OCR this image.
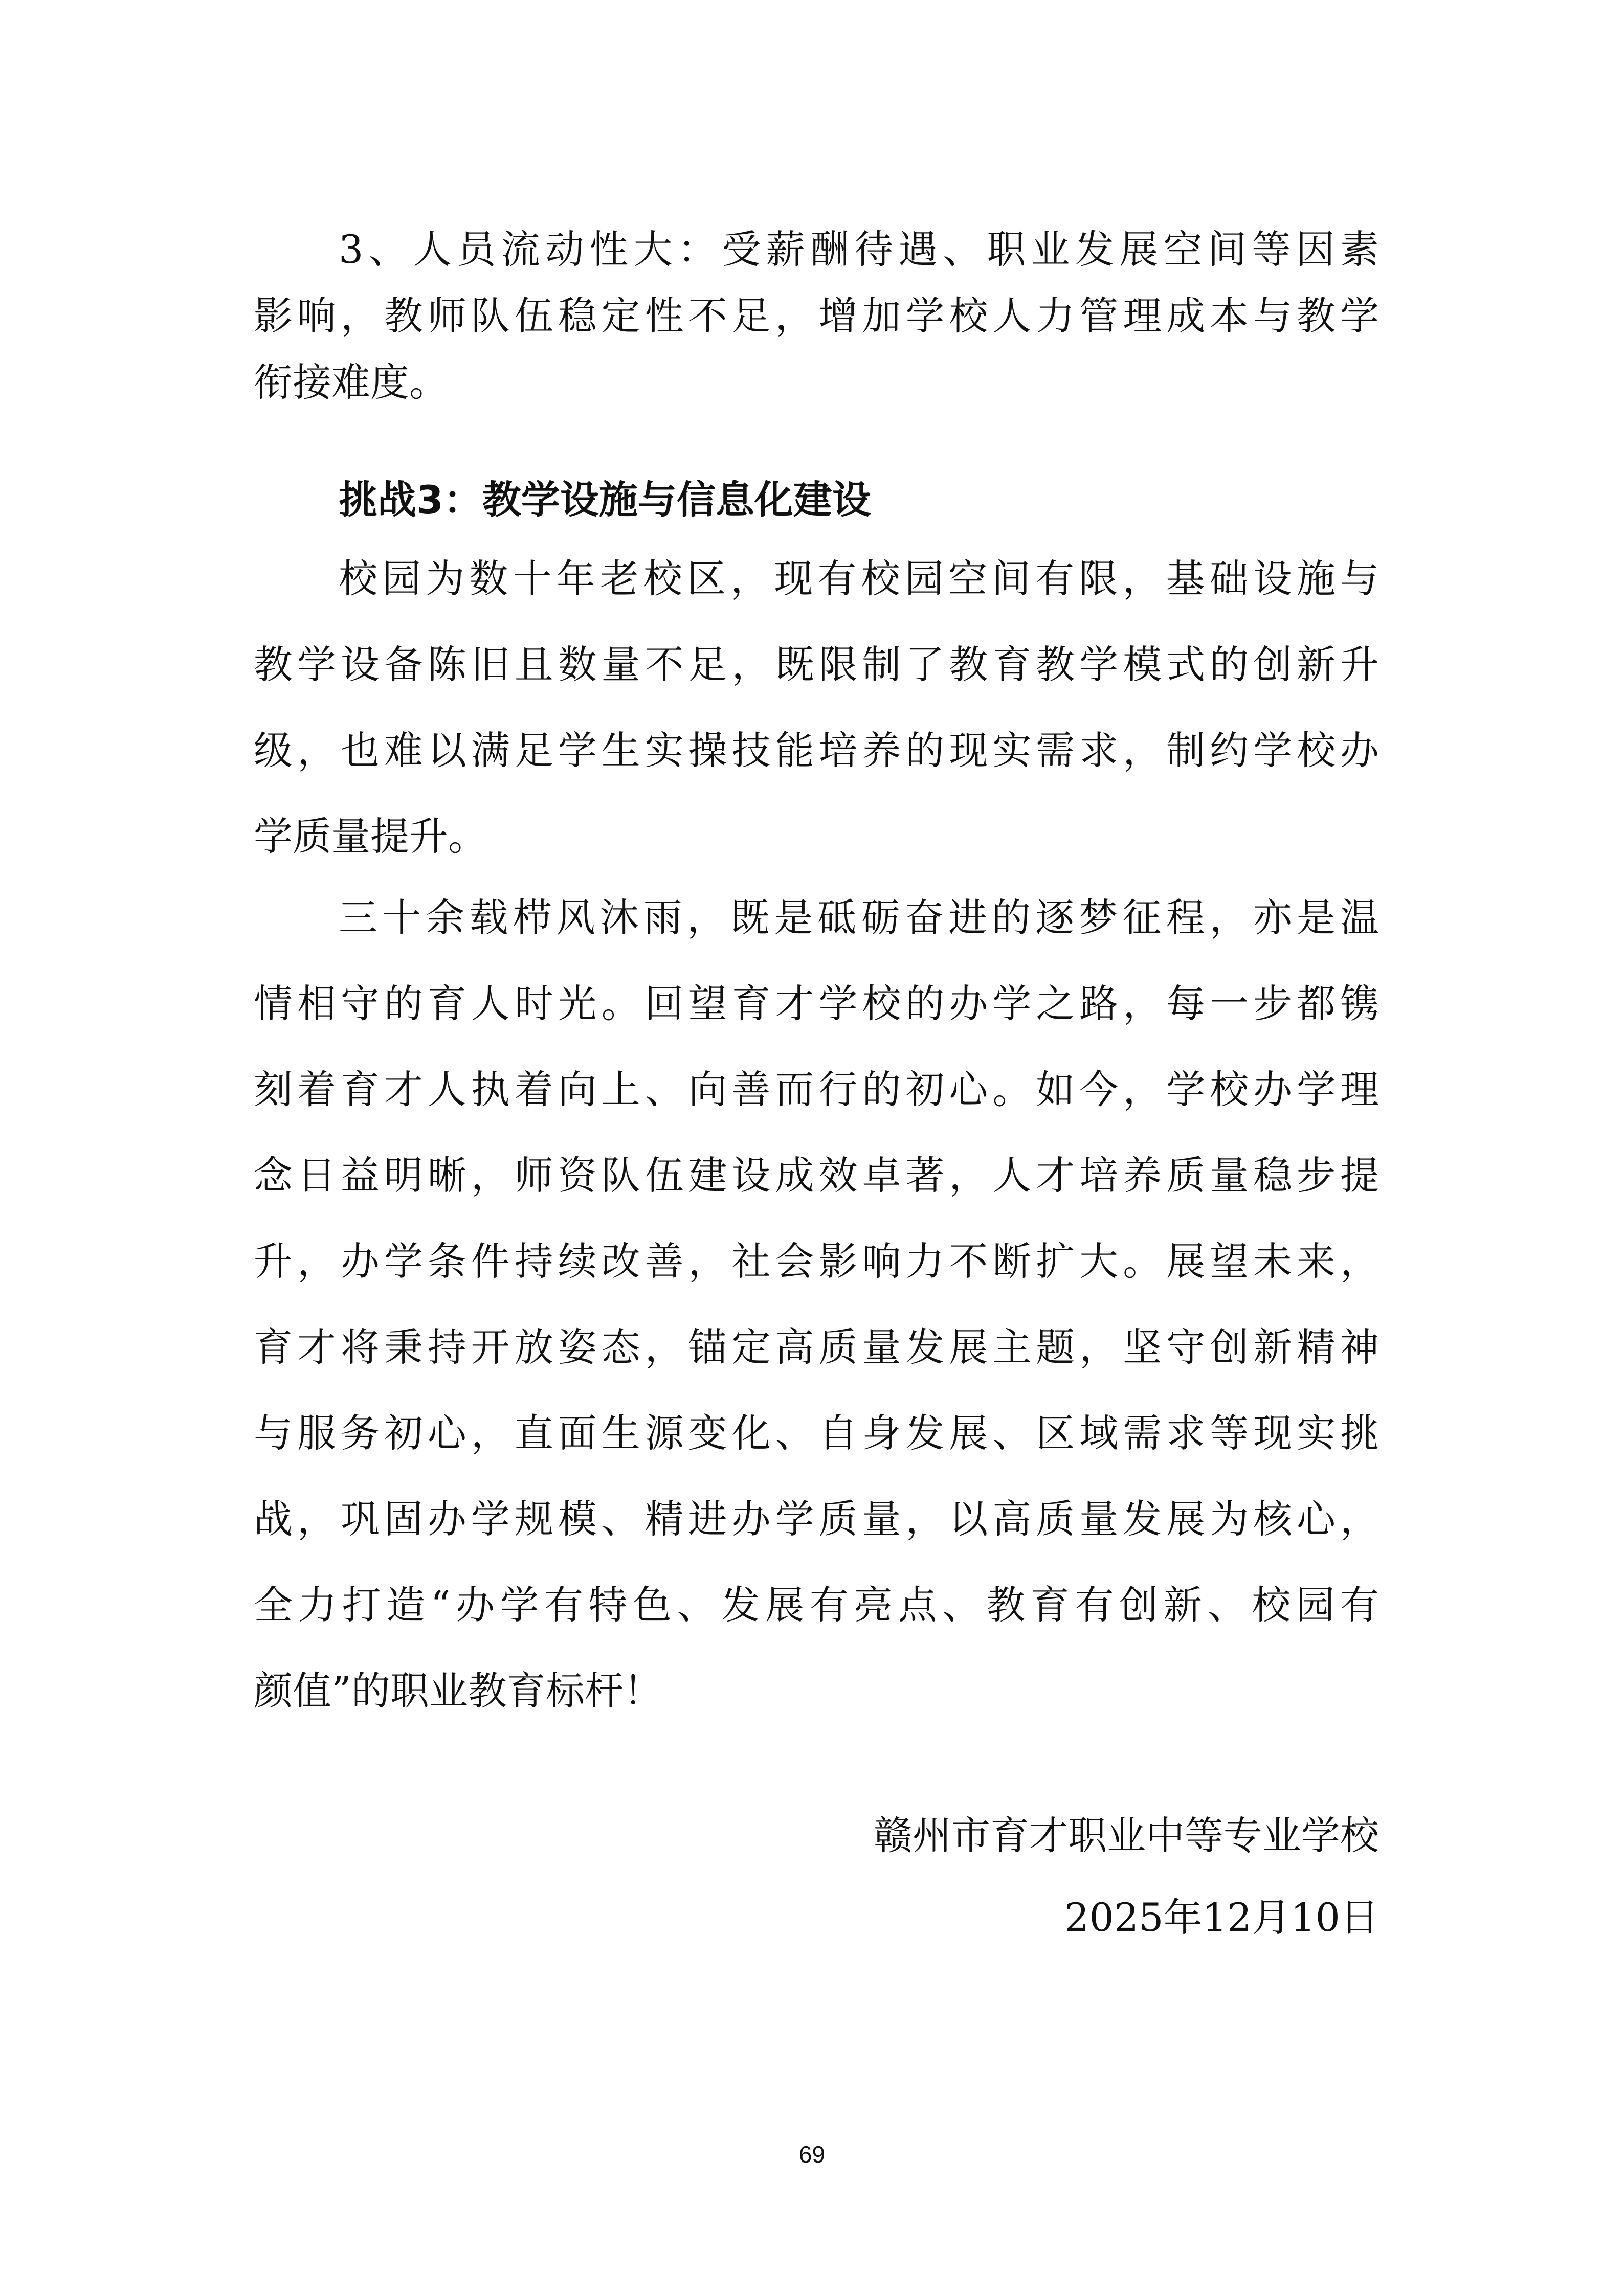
3、人员流动性大：受薪酬待遇、职业发展空间等因素
影响，教师队伍稳定性不足，增加学校人力管理成本与教学
衔接难度。
挑战3：教学设施与信息化建设
校园为数十年老校区，现有校园空间有限，基础设施与
教学设备陈旧且数量不足，既限制了教育教学模式的创新升
级，也难以满足学生实操技能培养的现实需求，制约学校办
学质量提升。
三十余载栉风沐雨，既是砥砺奋进的逐梦征程，亦是温
情相守的育人时光。回望育才学校的办学之路，每一步都镌
刻着育才人执着向上、向善而行的初心。如今，学校办学理
念日益明晰，师资队伍建设成效卓著，人才培养质量稳步提
升，办学条件持续改善，社会影响力不断扩大。展望未来，
育才将秉持开放姿态，锚定高质量发展主题，坚守创新精神
与服务初心，直面生源变化、自身发展、区域需求等现实挑
战，巩固办学规模、精进办学质量，以高质量发展为核心，
全力打造“办学有特色、发展有亮点、教育有创新、校园有
颜值”的职业教育标杆！
赣州市育才职业中等专业学校
2025年12月10日
69
